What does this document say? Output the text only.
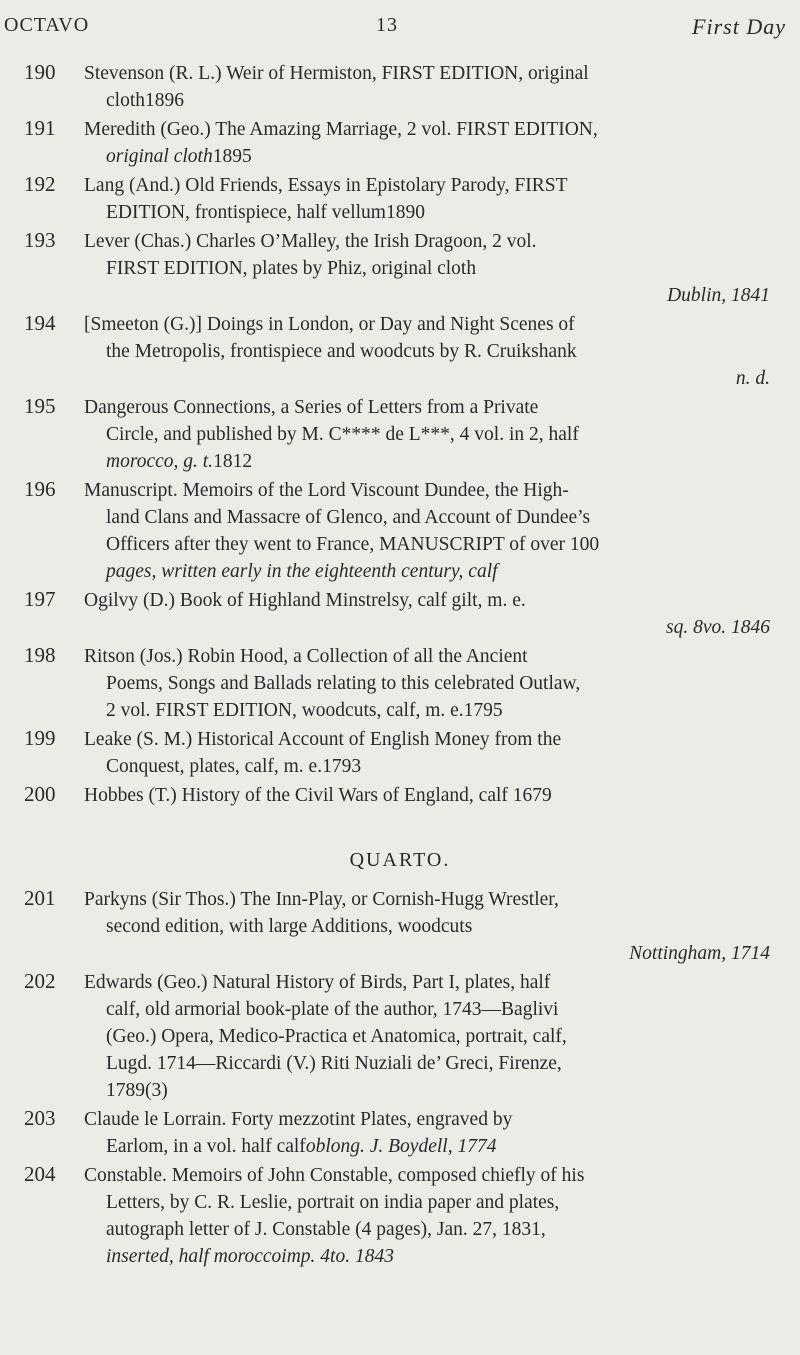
OCTAVO	13	First Day
190	Stevenson (R. L.) Weir of Hermiston, FIRST EDITION, original
cloth1896
191	Meredith (Geo.) The Amazing Marriage, 2 vol. FIRST EDITION,
original cloth1895
192	Lang (And.) Old Friends, Essays in Epistolary Parody, FIRST
EDITION, frontispiece, half vellum1890
193	Lever (Chas.) Charles O’Malley, the Irish Dragoon, 2 vol.
FIRST EDITION, plates by Phiz, original cloth
Dublin, 1841
194	[Smeeton (G.)] Doings in London, or Day and Night Scenes of
the Metropolis, frontispiece and woodcuts by R. Cruikshank
n. d.
195	Dangerous Connections, a Series of Letters from a Private
Circle, and published by M. C**** de L***, 4 vol. in 2, half
morocco, g. t.1812
196	Manuscript. Memoirs of the Lord Viscount Dundee, the High-
land Clans and Massacre of Glenco, and Account of Dundee’s
Officers after they went to France, MANUSCRIPT of over 100
pages, written early in the eighteenth century, calf
197	Ogilvy (D.) Book of Highland Minstrelsy, calf gilt, m. e.
sq. 8vo. 1846
198	Ritson (Jos.) Robin Hood, a Collection of all the Ancient
Poems, Songs and Ballads relating to this celebrated Outlaw,
2 vol. FIRST EDITION, woodcuts, calf, m. e.1795
199	Leake (S. M.) Historical Account of English Money from the
Conquest, plates, calf, m. e.1793
200	Hobbes (T.) History of the Civil Wars of England, calf 1679
QUARTO.
201	Parkyns (Sir Thos.) The Inn-Play, or Cornish-Hugg Wrestler,
second edition, with large Additions, woodcuts
Nottingham, 1714
202	Edwards (Geo.) Natural History of Birds, Part I, plates, half
calf, old armorial book-plate of the author, 1743—Baglivi
(Geo.) Opera, Medico-Practica et Anatomica, portrait, calf,
Lugd. 1714—Riccardi (V.) Riti Nuziali de’ Greci, Firenze,
1789(3)
203	Claude le Lorrain. Forty mezzotint Plates, engraved by
Earlom, in a vol. half calfoblong. J. Boydell, 1774
204	Constable. Memoirs of John Constable, composed chiefly of his
Letters, by C. R. Leslie, portrait on india paper and plates,
autograph letter of J. Constable (4 pages), Jan. 27, 1831,
inserted, half moroccoimp. 4to. 1843
